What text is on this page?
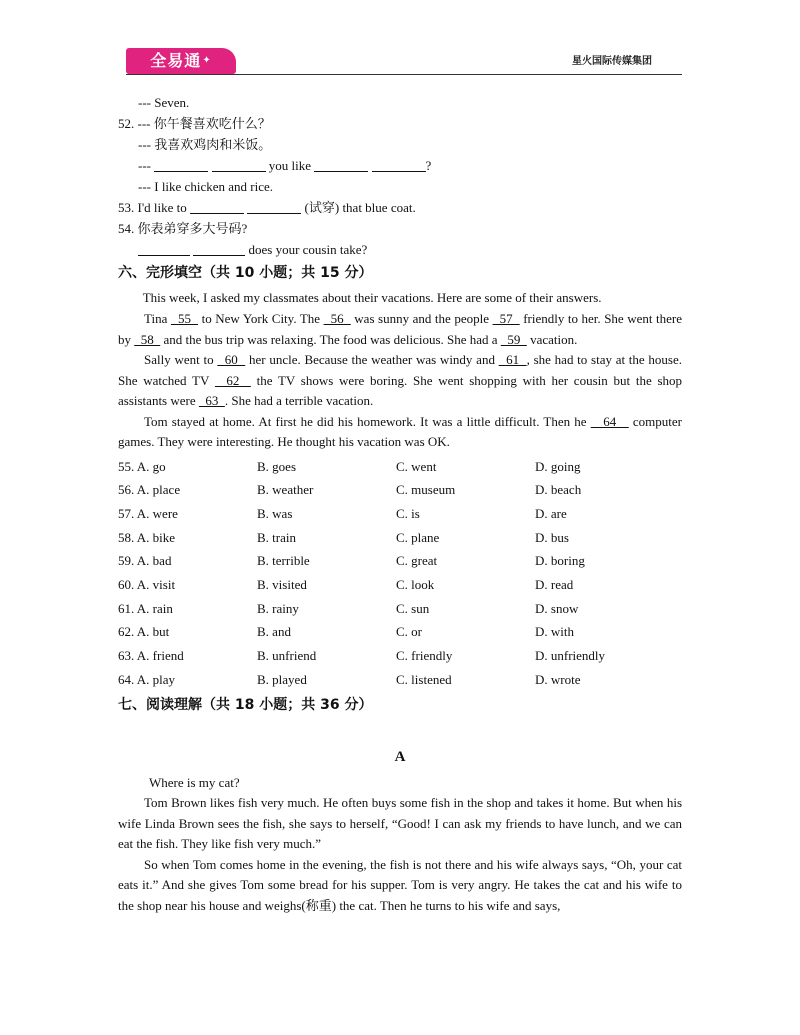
全易通✦	星火国际传媒集团
--- Seven.
52. --- 你午餐喜欢吃什么？
--- 我喜欢鸡肉和米饭。
---	you like	?
--- I like chicken and rice.
53. I'd like to	(试穿) that blue coat.
54. 你表弟穿多大号码?
does your cousin take?
六、完形填空（共 10 小题；共 15 分）
This week, I asked my classmates about their vacations. Here are some of their answers.
Tina   55   to New York City. The   56   was sunny and the people   57   friendly to her. She went there by   58   and the bus trip was relaxing. The food was delicious. She had a   59   vacation.
Sally went to   60   her uncle. Because the weather was windy and   61  , she had to stay at the house. She watched TV   62   the TV shows were boring. She went shopping with her cousin but the shop assistants were   63  . She had a terrible vacation.
Tom stayed at home. At first he did his homework. It was a little difficult. Then he    64    computer games. They were interesting. He thought his vacation was OK.
55. A. go	B. goes	C. went	D. going
56. A. place	B. weather	C. museum	D. beach
57. A. were	B. was	C. is	D. are
58. A. bike	B. train	C. plane	D. bus
59. A. bad	B. terrible	C. great	D. boring
60. A. visit	B. visited	C. look	D. read
61. A. rain	B. rainy	C. sun	D. snow
62. A. but	B. and	C. or	D. with
63. A. friend	B. unfriend	C. friendly	D. unfriendly
64. A. play	B. played	C. listened	D. wrote
七、阅读理解（共 18 小题；共 36 分）
A
Where is my cat?
Tom Brown likes fish very much. He often buys some fish in the shop and takes it home. But when his wife Linda Brown sees the fish, she says to herself, “Good! I can ask my friends to have lunch, and we can eat the fish. They like fish very much.”
So when Tom comes home in the evening, the fish is not there and his wife always says, “Oh, your cat eats it.” And she gives Tom some bread for his supper. Tom is very angry. He takes the cat and his wife to the shop near his house and weighs(称重) the cat. Then he turns to his wife and says,
